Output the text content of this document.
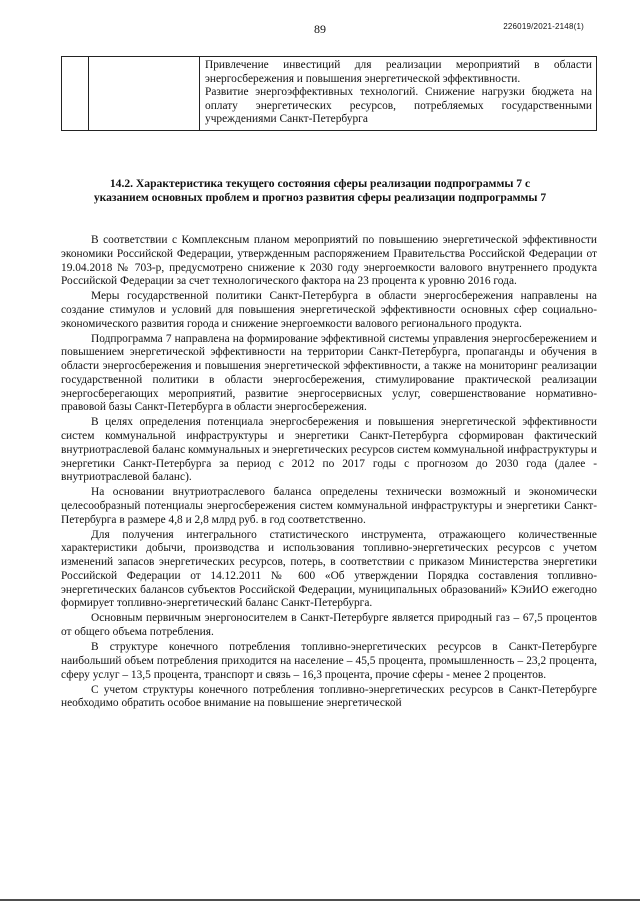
89	226019/2021-2148(1)

Привлечение инвестиций для реализации мероприятий в области энергосбережения и повышения энергетической эффективности.
Развитие энергоэффективных технологий. Снижение нагрузки бюджета на оплату энергетических ресурсов, потребляемых государственными учреждениями Санкт-Петербурга
14.2. Характеристика текущего состояния сферы реализации подпрограммы 7 с указанием основных проблем и прогноз развития сферы реализации подпрограммы 7

В соответствии с Комплексным планом мероприятий по повышению энергетической эффективности экономики Российской Федерации, утвержденным распоряжением Правительства Российской Федерации от 19.04.2018 № 703-р, предусмотрено снижение к 2030 году энергоемкости валового внутреннего продукта Российской Федерации за счет технологического фактора на 23 процента к уровню 2016 года.

Меры государственной политики Санкт-Петербурга в области энергосбережения направлены на создание стимулов и условий для повышения энергетической эффективности основных сфер социально-экономического развития города и снижение энергоемкости валового регионального продукта.

Подпрограмма 7 направлена на формирование эффективной системы управления энергосбережением и повышением энергетической эффективности на территории Санкт-Петербурга, пропаганды и обучения в области энергосбережения и повышения энергетической эффективности, а также на мониторинг реализации государственной политики в области энергосбережения, стимулирование практической реализации энергосберегающих мероприятий, развитие энергосервисных услуг, совершенствование нормативно-правовой базы Санкт-Петербурга в области энергосбережения.

В целях определения потенциала энергосбережения и повышения энергетической эффективности систем коммунальной инфраструктуры и энергетики Санкт-Петербурга сформирован фактический внутриотраслевой баланс коммунальных и энергетических ресурсов систем коммунальной инфраструктуры и энергетики Санкт-Петербурга за период с 2012 по 2017 годы с прогнозом до 2030 года (далее - внутриотраслевой баланс).

На основании внутриотраслевого баланса определены технически возможный и экономически целесообразный потенциалы энергосбережения систем коммунальной инфраструктуры и энергетики Санкт-Петербурга в размере 4,8 и 2,8 млрд руб. в год соответственно.

Для получения интегрального статистического инструмента, отражающего количественные характеристики добычи, производства и использования топливно-энергетических ресурсов с учетом изменений запасов энергетических ресурсов, потерь, в соответствии с приказом Министерства энергетики Российской Федерации от 14.12.2011 № 600 «Об утверждении Порядка составления топливно-энергетических балансов субъектов Российской Федерации, муниципальных образований» КЭиИО ежегодно формирует топливно-энергетический баланс Санкт-Петербурга.

Основным первичным энергоносителем в Санкт-Петербурге является природный газ – 67,5 процентов от общего объема потребления.

В структуре конечного потребления топливно-энергетических ресурсов в Санкт-Петербурге наибольший объем потребления приходится на население – 45,5 процента, промышленность – 23,2 процента, сферу услуг – 13,5 процента, транспорт и связь – 16,3 процента, прочие сферы - менее 2 процентов.

С учетом структуры конечного потребления топливно-энергетических ресурсов в Санкт-Петербурге необходимо обратить особое внимание на повышение энергетической
